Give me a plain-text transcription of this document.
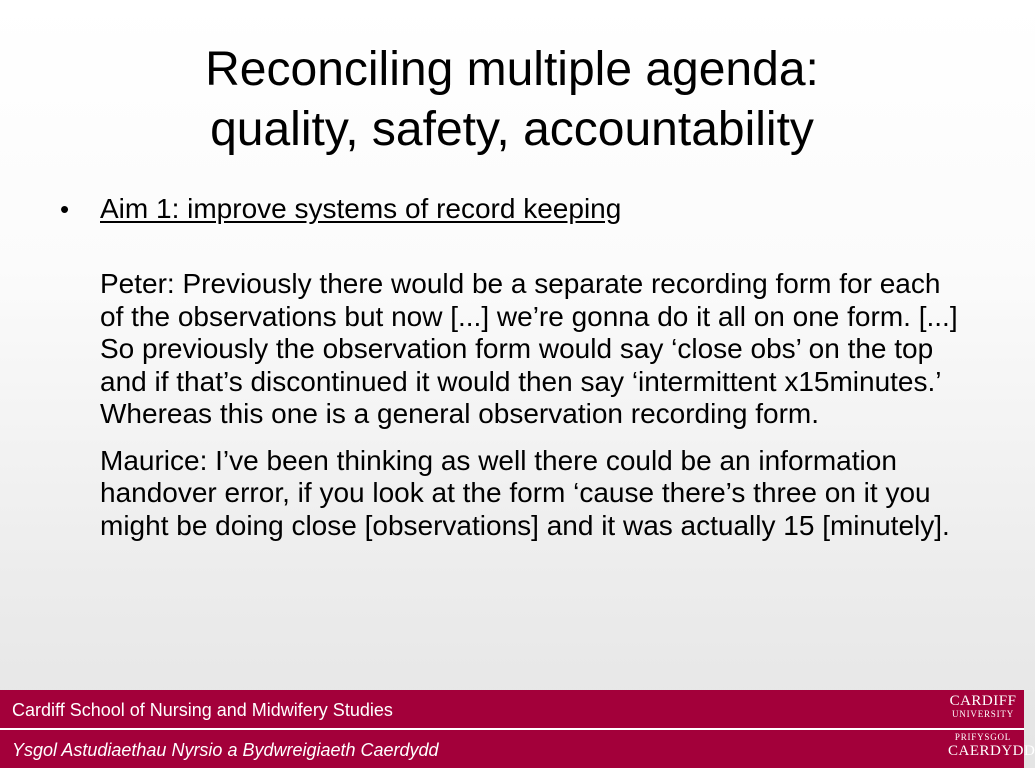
Reconciling multiple agenda:
quality, safety, accountability
•	Aim 1: improve systems of record keeping

Peter: Previously there would be a separate recording form for each of the observations but now [...] we’re gonna do it all on one form. [...] So previously the observation form would say ‘close obs’ on the top and if that’s discontinued it would then say ‘intermittent x15minutes.’ Whereas this one is a general observation recording form.

Maurice: I’ve been thinking as well there could be an information handover error, if you look at the form ‘cause there’s three on it you might be doing close [observations] and it was actually 15 [minutely].

Cardiff School of Nursing and Midwifery Studies
Ysgol Astudiaethau Nyrsio a Bydwreigiaeth Caerdydd
CARDIFF
UNIVERSITY
PRIFYSGOL
CAERDYDD
